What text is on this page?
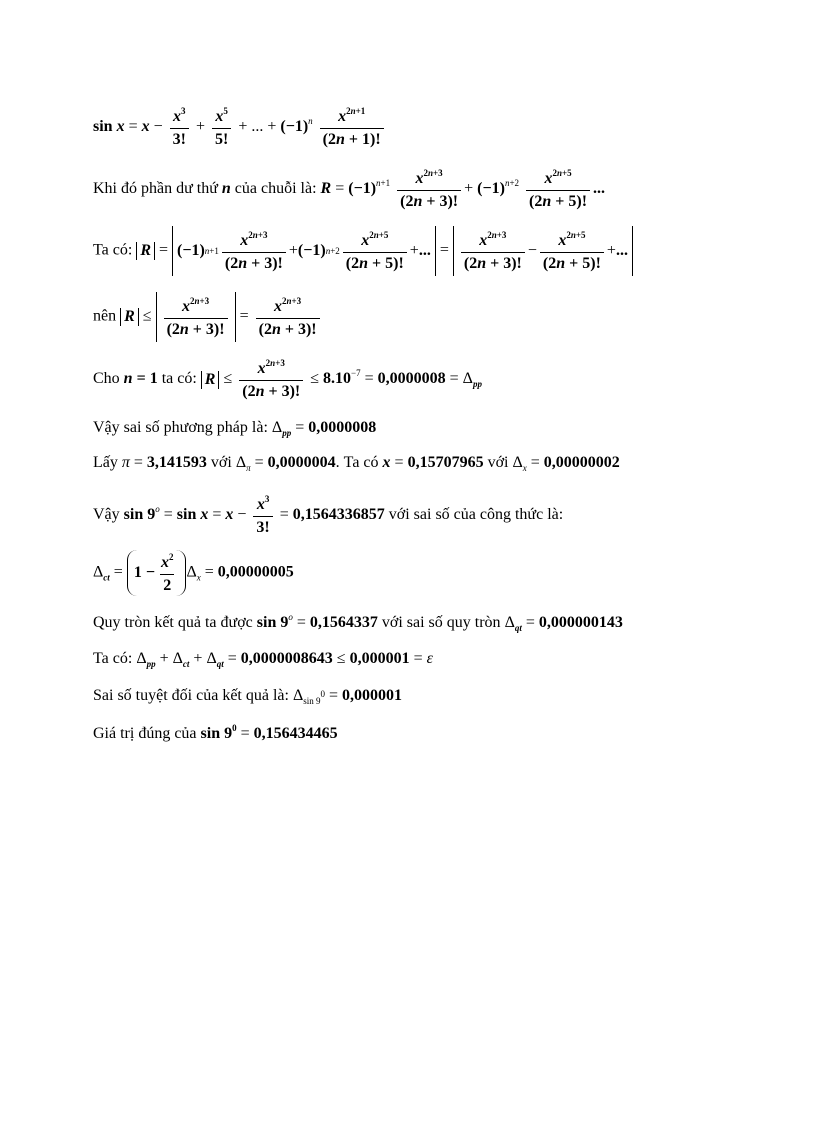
$\sin x = x - \frac{x^3}{3!} + \frac{x^5}{5!}$ + ... + $(-1)^n \frac{x^{2n+1}}{(2n + 1)!}$
Khi đó phần dư thứ n của chuỗi là: $R = (-1)^{n+1} \frac{x^{2n+3}}{(2n + 3)!} + (-1)^{n+2} \frac{x^{2n+5}}{(2n + 5)!}$ ...
Ta có: R = (−1) n+1
$x^{2n+3}$
(2n + 3)!
+ (−1) n+2
$x^{2n+5}$
(2n + 5)!
+ ... =
$x^{2n+3}$
(2n + 3)!
−
$x^{2n+5}$
(2n + 5)!
+ ...
nên R ≤
$x^{2n+3}$
(2n + 3)!
= $\frac{x^{2n+3}}{(2n + 3)!}$
Cho n = 1 ta có: $R \le \frac{x^{2n+3}}{(2n + 3)!} \le 8.10^{-7} = 0,0000008 = \Delta_{pp}$
Vậy sai số phương pháp là: $\Delta_{pp} = 0,0000008$
Lấy π = 3,141593 với $\Delta_\pi = 0,0000004$. Ta có x = 0,15707965 với $\Delta_x = 0,00000002$
Vậy $\sin 9^o = \sin x = x - \frac{x^3}{3!} = 0,1564336857$ với sai số của công thức là:
$\Delta_{ct} = 1 - \frac{x^2}{2} \Delta_x = 0,00000005$
Quy tròn kết quả ta được $\sin 9^o = 0,1564337$ với sai số quy tròn $\Delta_{qt} = 0,000000143$
Ta có: $\Delta_{pp} + \Delta_{ct} + \Delta_{qt} = 0,0000008643 \le 0,000001 = \varepsilon$
Sai số tuyệt đối của kết quả là: $\Delta_{sin 9^0} = 0,000001$
Giá trị đúng của $\sin 9^0 = 0,156434465$
